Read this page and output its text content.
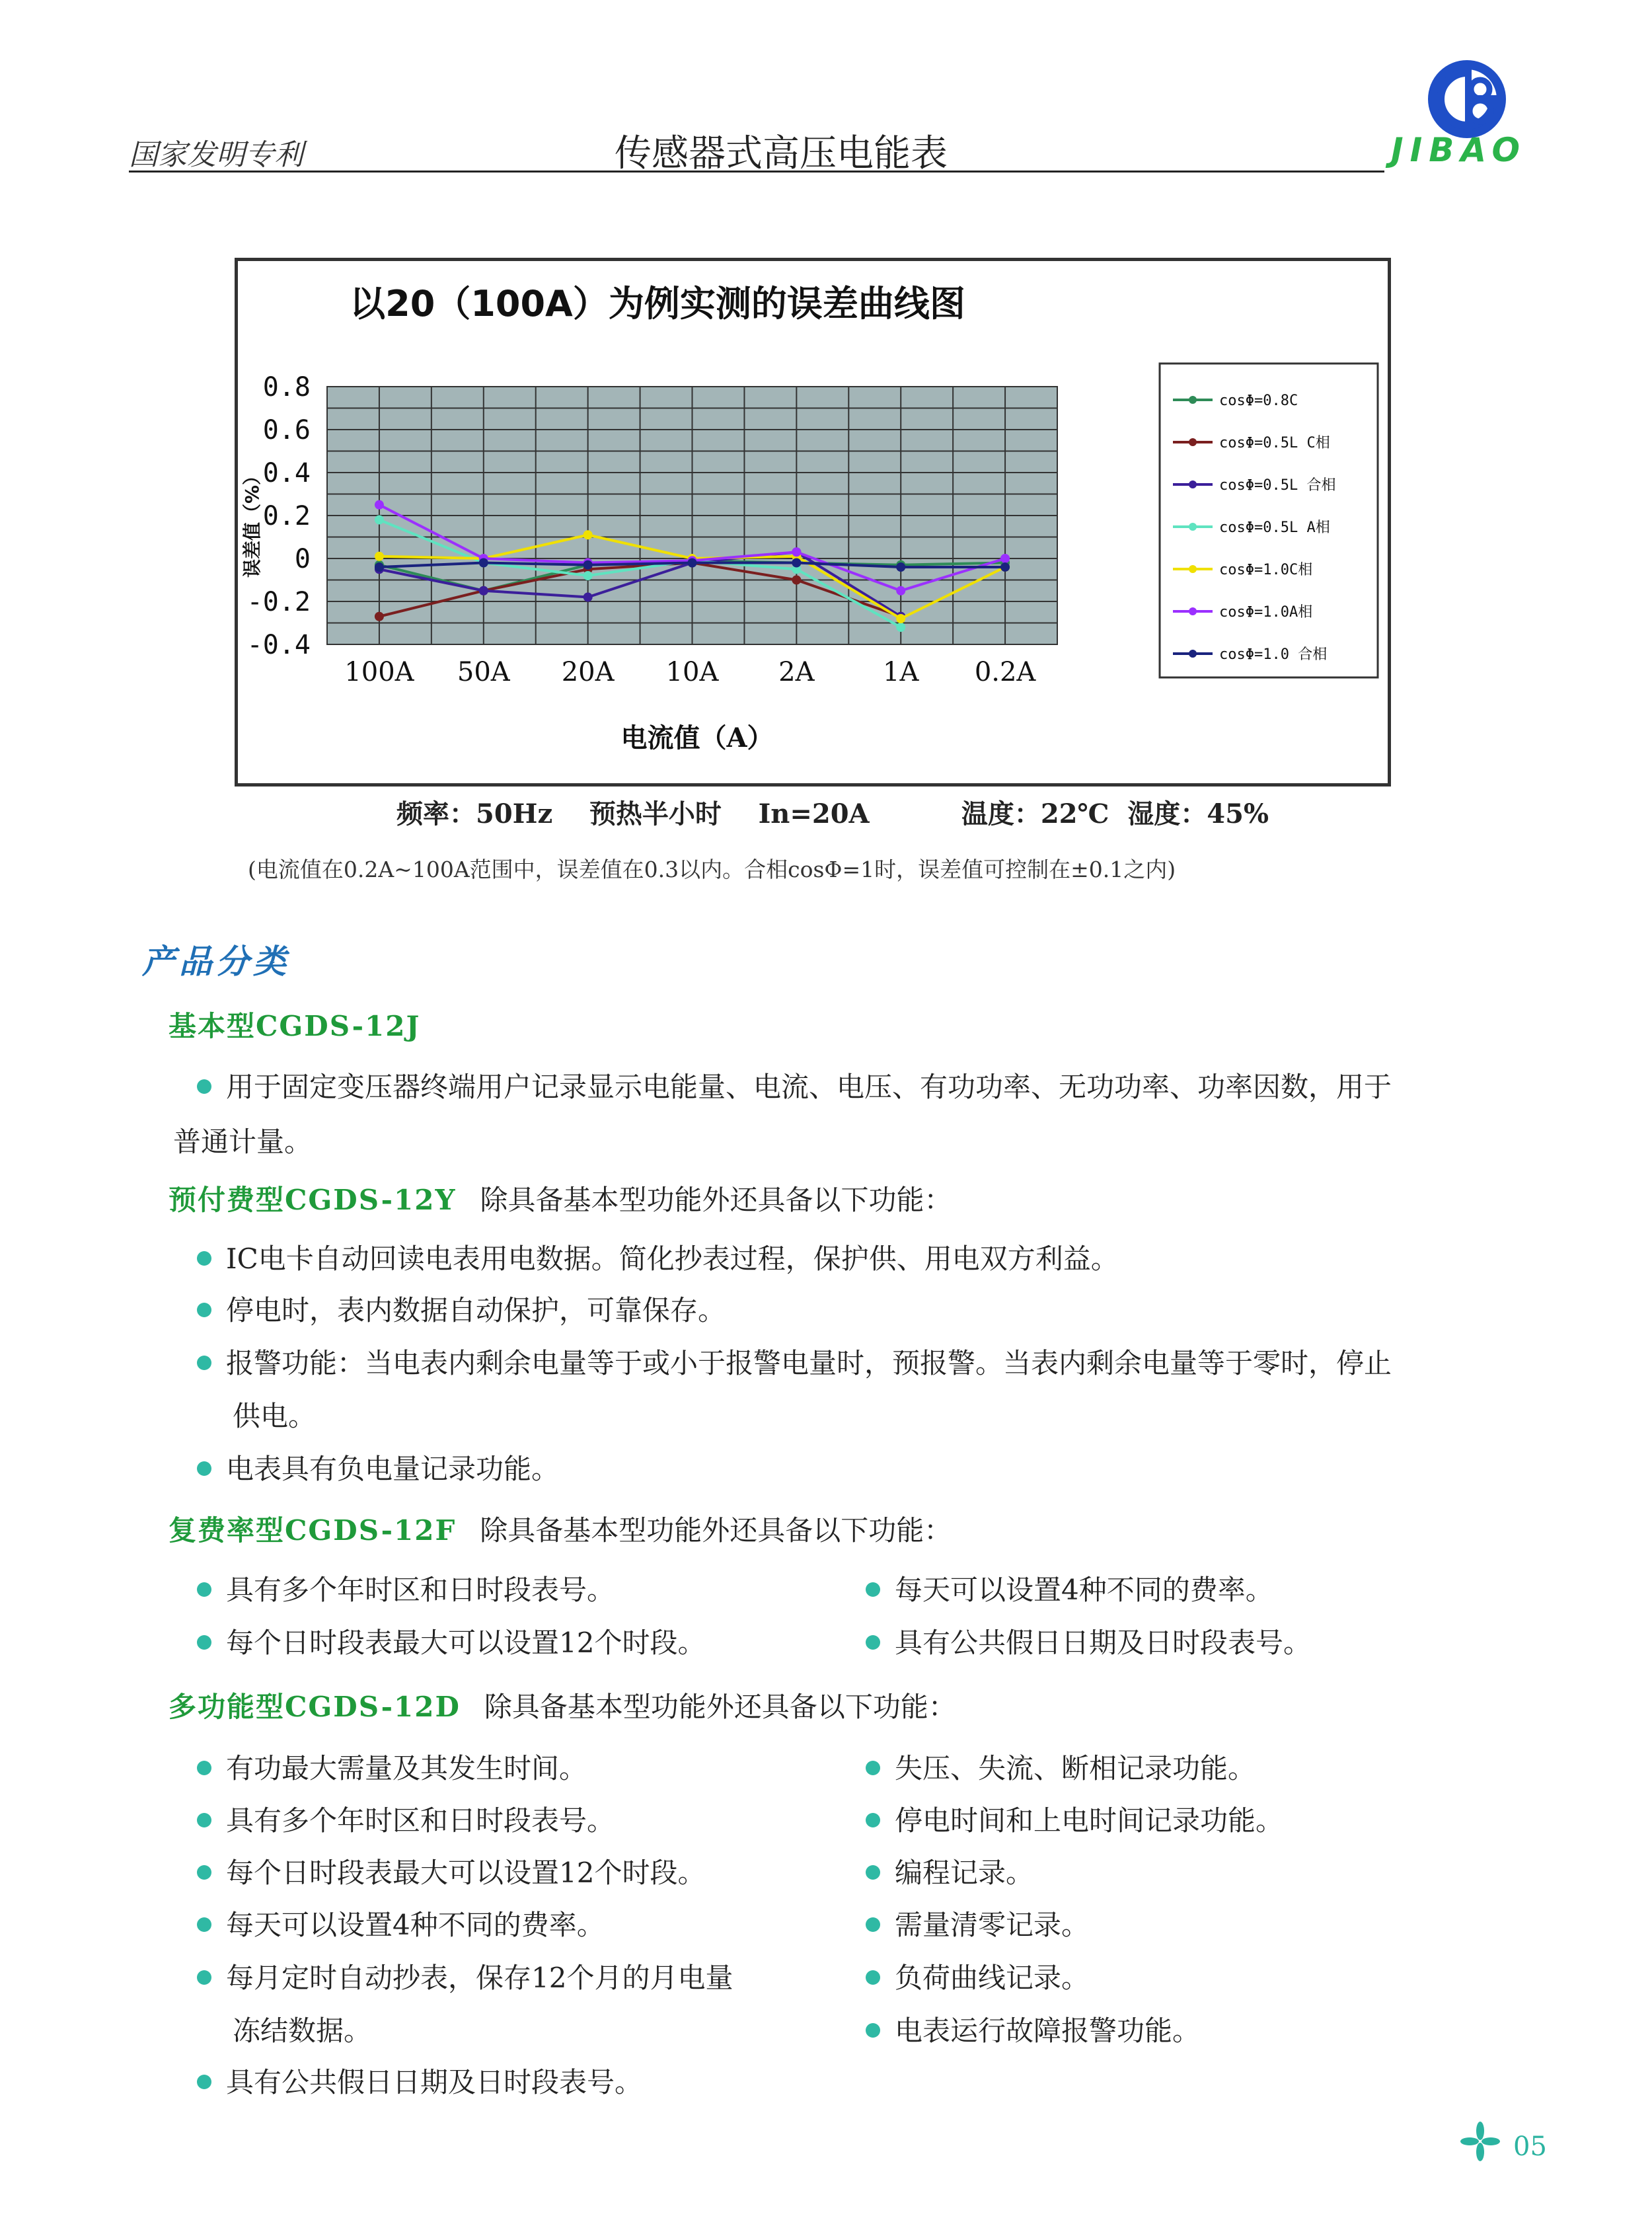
国家发明专利	传感器式高压电能表	JIBAO
以20（100A）为例实测的误差曲线图
0.8
0.6
0.4
0.2
0
-0.2
-0.4
100A 50A 20A 10A 2A	1A 0.2A
误差值（%）
电流值（A）
cosΦ=0.8C
cosΦ=0.5L C相
cosΦ=0.5L 合相
cosΦ=0.5L A相
cosΦ=1.0C相
cosΦ=1.0A相
cosΦ=1.0 合相
频率：50Hz    预热半小时    In=20A          温度：22℃  湿度：45%
(电流值在0.2A~100A范围中，误差值在0.3以内。合相cosΦ=1时，误差值可控制在±0.1之内)
产品分类
基本型CGDS-12J
用于固定变压器终端用户记录显示电能量、电流、电压、有功功率、无功功率、功率因数，用于
普通计量。
预付费型CGDS-12Y 除具备基本型功能外还具备以下功能：
IC电卡自动回读电表用电数据。简化抄表过程，保护供、用电双方利益。
停电时，表内数据自动保护，可靠保存。
报警功能：当电表内剩余电量等于或小于报警电量时，预报警。当表内剩余电量等于零时，停止
供电。
电表具有负电量记录功能。
复费率型CGDS-12F 除具备基本型功能外还具备以下功能：
具有多个年时区和日时段表号。
每个日时段表最大可以设置12个时段。
每天可以设置4种不同的费率。
具有公共假日日期及日时段表号。
多功能型CGDS-12D 除具备基本型功能外还具备以下功能：
有功最大需量及其发生时间。
具有多个年时区和日时段表号。
每个日时段表最大可以设置12个时段。
每天可以设置4种不同的费率。
每月定时自动抄表，保存12个月的月电量
冻结数据。
具有公共假日日期及日时段表号。
失压、失流、断相记录功能。
停电时间和上电时间记录功能。
编程记录。
需量清零记录。
负荷曲线记录。
电表运行故障报警功能。
05
